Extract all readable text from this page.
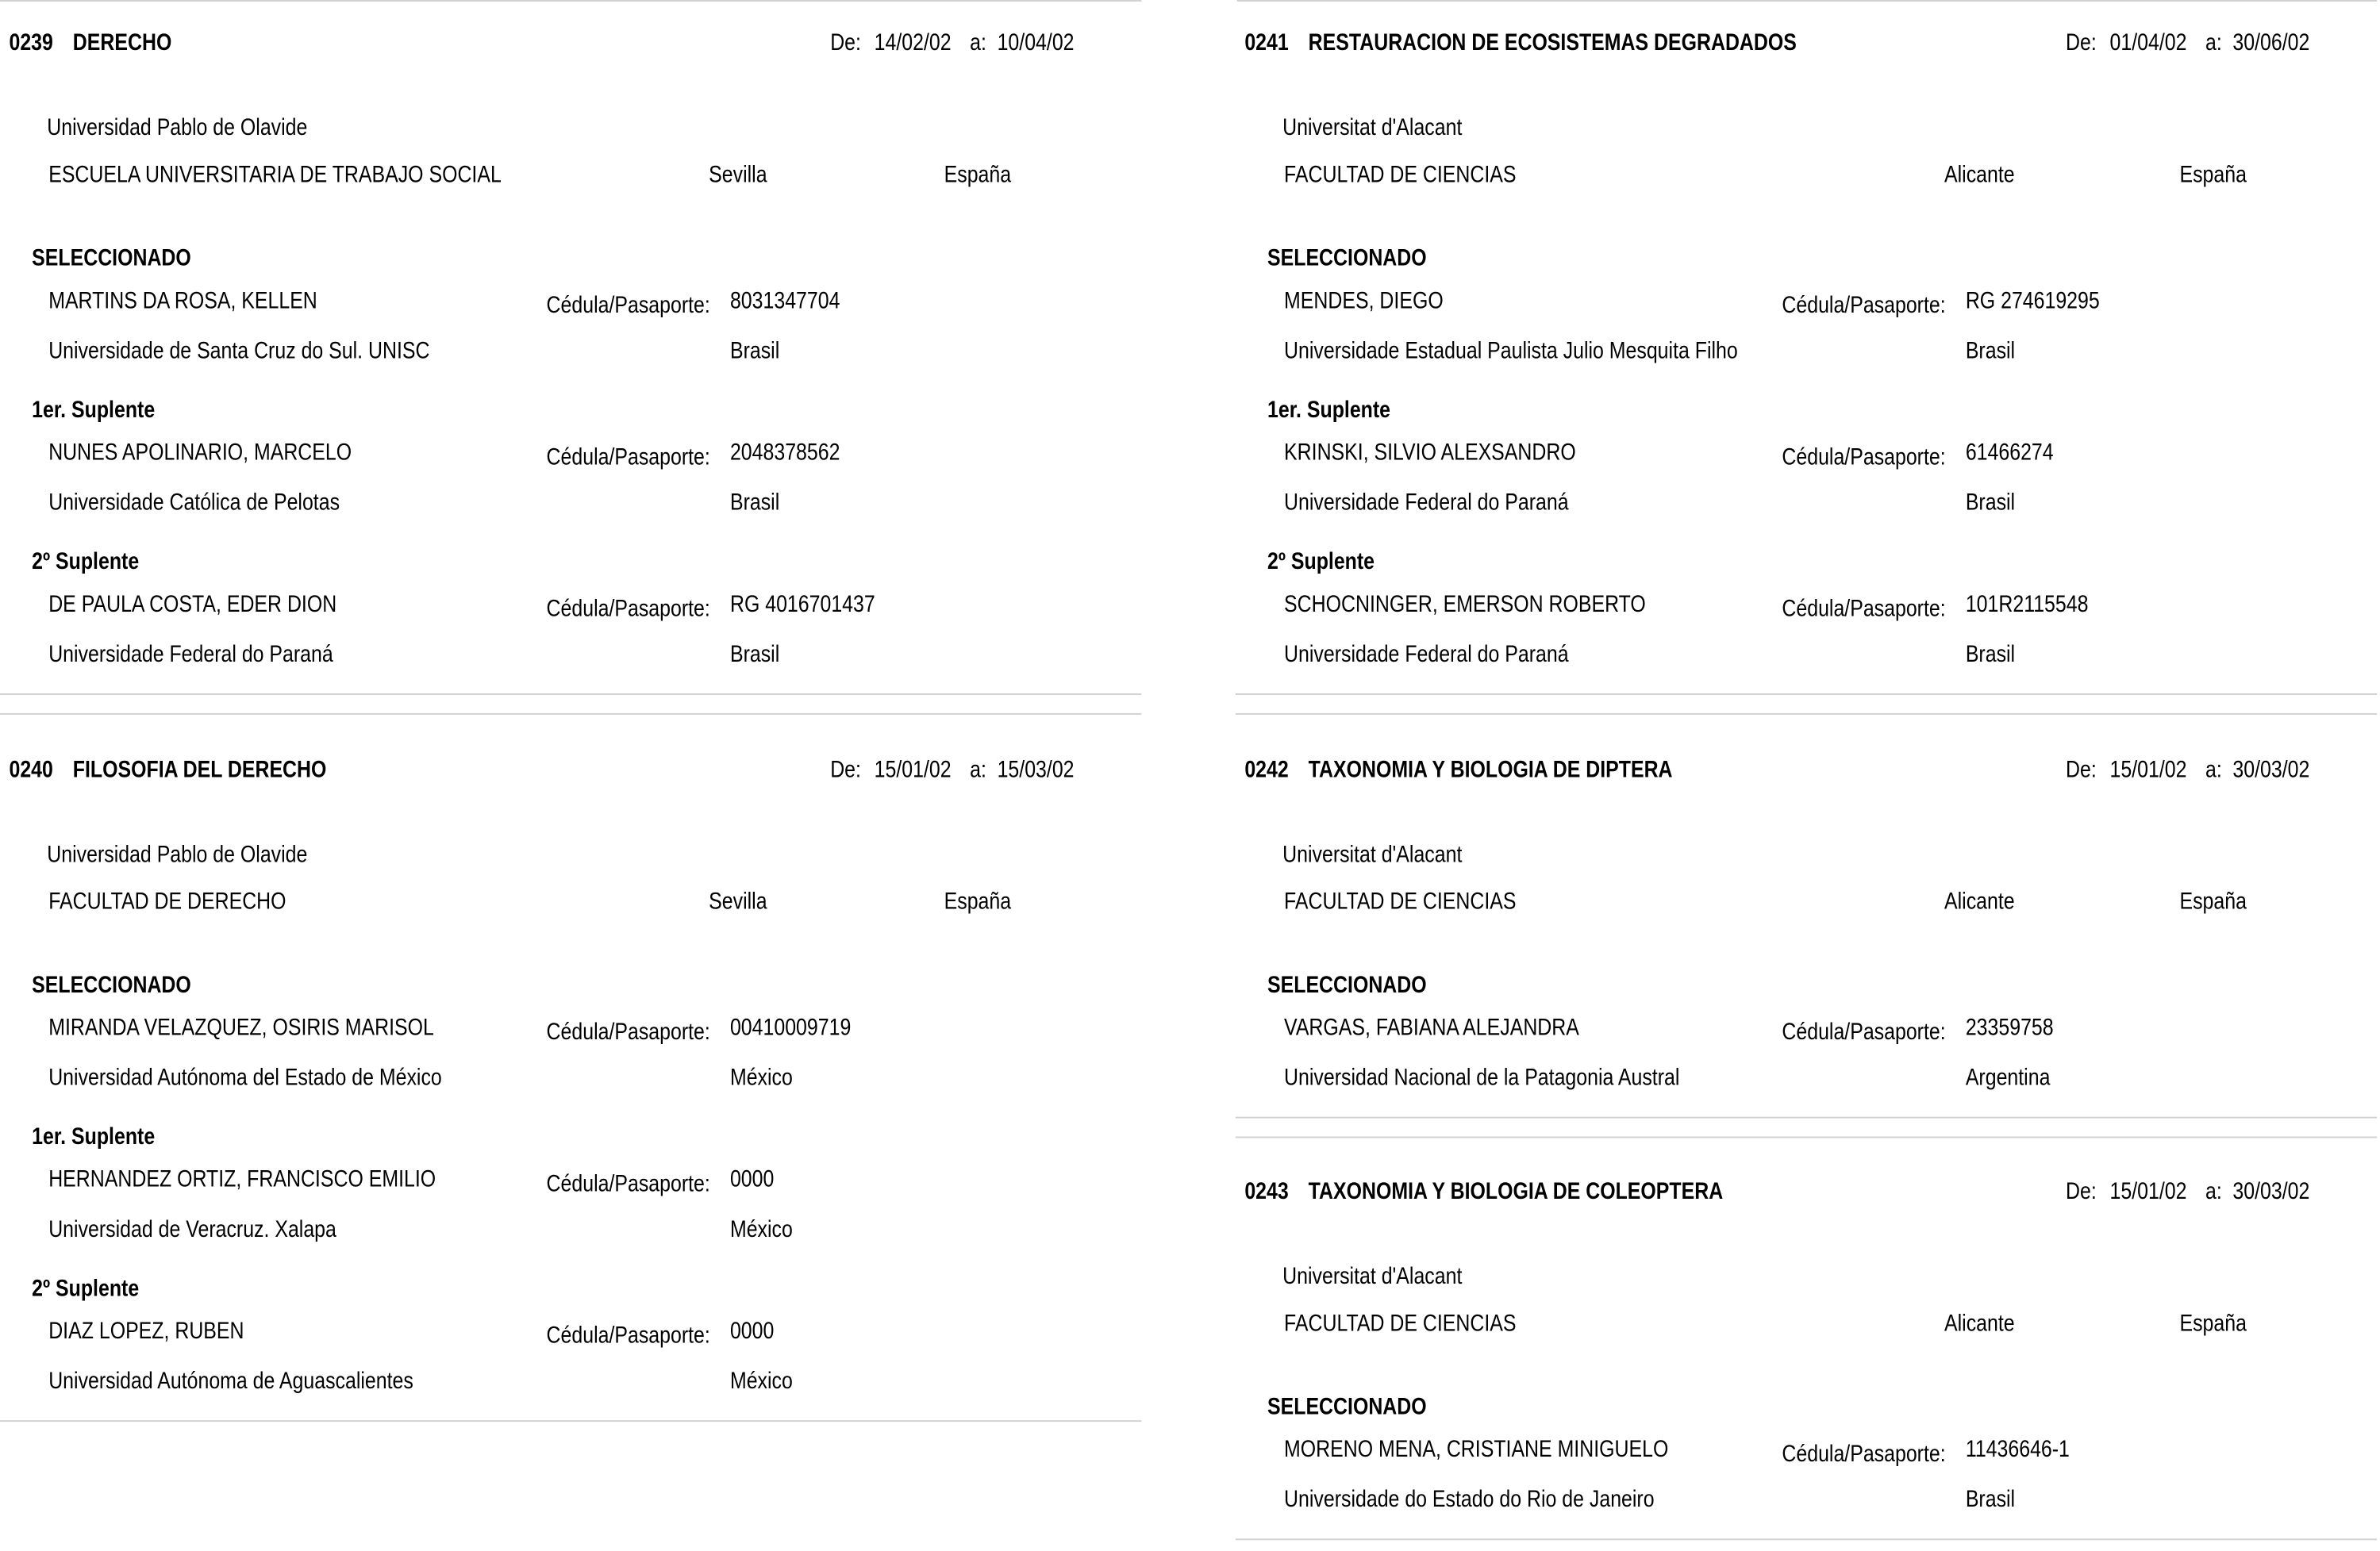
0239 DERECHO	De: 14/02/02 a: 10/04/02
Universidad Pablo de Olavide
ESCUELA UNIVERSITARIA DE TRABAJO SOCIAL	Sevilla	España
SELECCIONADO
MARTINS DA ROSA, KELLEN	Cédula/Pasaporte: 8031347704
Universidade de Santa Cruz do Sul. UNISC	Brasil
1er. Suplente
NUNES APOLINARIO, MARCELO	Cédula/Pasaporte: 2048378562
Universidade Católica de Pelotas	Brasil
2º Suplente
DE PAULA COSTA, EDER DION	Cédula/Pasaporte: RG 4016701437
Universidade Federal do Paraná	Brasil
0240 FILOSOFIA DEL DERECHO	De: 15/01/02 a: 15/03/02
Universidad Pablo de Olavide
FACULTAD DE DERECHO	Sevilla	España
SELECCIONADO
MIRANDA VELAZQUEZ, OSIRIS MARISOL	Cédula/Pasaporte: 00410009719
Universidad Autónoma del Estado de México	México
1er. Suplente
HERNANDEZ ORTIZ, FRANCISCO EMILIO	Cédula/Pasaporte: 0000
Universidad de Veracruz. Xalapa	México
2º Suplente
DIAZ LOPEZ, RUBEN	Cédula/Pasaporte: 0000
Universidad Autónoma de Aguascalientes	México
0241 RESTAURACION DE ECOSISTEMAS DEGRADADOS	De: 01/04/02 a: 30/06/02
Universitat d'Alacant
FACULTAD DE CIENCIAS	Alicante	España
SELECCIONADO
MENDES, DIEGO	Cédula/Pasaporte: RG 274619295
Universidade Estadual Paulista Julio Mesquita Filho	Brasil
1er. Suplente
KRINSKI, SILVIO ALEXSANDRO	Cédula/Pasaporte: 61466274
Universidade Federal do Paraná	Brasil
2º Suplente
SCHOCNINGER, EMERSON ROBERTO	Cédula/Pasaporte: 101R2115548
Universidade Federal do Paraná	Brasil
0242 TAXONOMIA Y BIOLOGIA DE DIPTERA	De: 15/01/02 a: 30/03/02
Universitat d'Alacant
FACULTAD DE CIENCIAS	Alicante	España
SELECCIONADO
VARGAS, FABIANA ALEJANDRA	Cédula/Pasaporte: 23359758
Universidad Nacional de la Patagonia Austral	Argentina
0243 TAXONOMIA Y BIOLOGIA DE COLEOPTERA	De: 15/01/02 a: 30/03/02
Universitat d'Alacant
FACULTAD DE CIENCIAS	Alicante	España
SELECCIONADO
MORENO MENA, CRISTIANE MINIGUELO	Cédula/Pasaporte: 11436646-1
Universidade do Estado do Rio de Janeiro	Brasil
